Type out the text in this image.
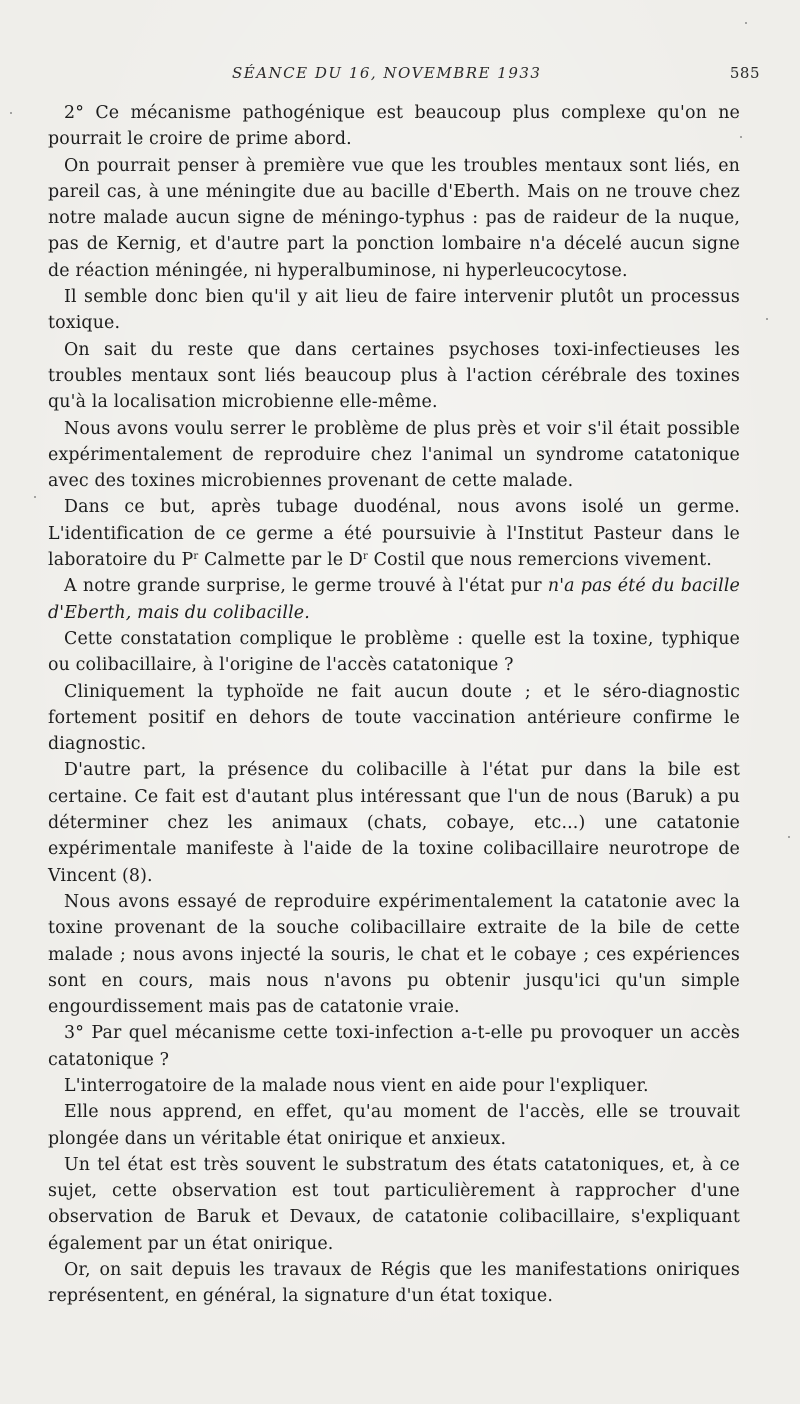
SÉANCE DU 16, NOVEMBRE 1933	585

2° Ce mécanisme pathogénique est beaucoup plus complexe qu'on ne pourrait le croire de prime abord.

On pourrait penser à première vue que les troubles mentaux sont liés, en pareil cas, à une méningite due au bacille d'Eberth. Mais on ne trouve chez notre malade aucun signe de méningo-typhus : pas de raideur de la nuque, pas de Kernig, et d'autre part la ponction lombaire n'a décelé aucun signe de réaction méningée, ni hyperalbuminose, ni hyperleucocytose.

Il semble donc bien qu'il y ait lieu de faire intervenir plutôt un processus toxique.

On sait du reste que dans certaines psychoses toxi-infectieuses les troubles mentaux sont liés beaucoup plus à l'action cérébrale des toxines qu'à la localisation microbienne elle-même.

Nous avons voulu serrer le problème de plus près et voir s'il était possible expérimentalement de reproduire chez l'animal un syndrome catatonique avec des toxines microbiennes provenant de cette malade.

Dans ce but, après tubage duodénal, nous avons isolé un germe. L'identification de ce germe a été poursuivie à l'Institut Pasteur dans le laboratoire du $P^r$ Calmette par le $D^r$ Costil que nous remercions vivement.

A notre grande surprise, le germe trouvé à l'état pur n'a pas été du bacille d'Eberth, mais du colibacille.

Cette constatation complique le problème : quelle est la toxine, typhique ou colibacillaire, à l'origine de l'accès catatonique ?

Cliniquement la typhoïde ne fait aucun doute ; et le séro-diagnostic fortement positif en dehors de toute vaccination antérieure confirme le diagnostic.

D'autre part, la présence du colibacille à l'état pur dans la bile est certaine. Ce fait est d'autant plus intéressant que l'un de nous (Baruk) a pu déterminer chez les animaux (chats, cobaye, etc...) une catatonie expérimentale manifeste à l'aide de la toxine colibacillaire neurotrope de Vincent (8).

Nous avons essayé de reproduire expérimentalement la catatonie avec la toxine provenant de la souche colibacillaire extraite de la bile de cette malade ; nous avons injecté la souris, le chat et le cobaye ; ces expériences sont en cours, mais nous n'avons pu obtenir jusqu'ici qu'un simple engourdissement mais pas de catatonie vraie.

3° Par quel mécanisme cette toxi-infection a-t-elle pu provoquer un accès catatonique ?

L'interrogatoire de la malade nous vient en aide pour l'expliquer.

Elle nous apprend, en effet, qu'au moment de l'accès, elle se trouvait plongée dans un véritable état onirique et anxieux.

Un tel état est très souvent le substratum des états catatoniques, et, à ce sujet, cette observation est tout particulièrement à rapprocher d'une observation de Baruk et Devaux, de catatonie colibacillaire, s'expliquant également par un état onirique.

Or, on sait depuis les travaux de Régis que les manifestations oniriques représentent, en général, la signature d'un état toxique.
